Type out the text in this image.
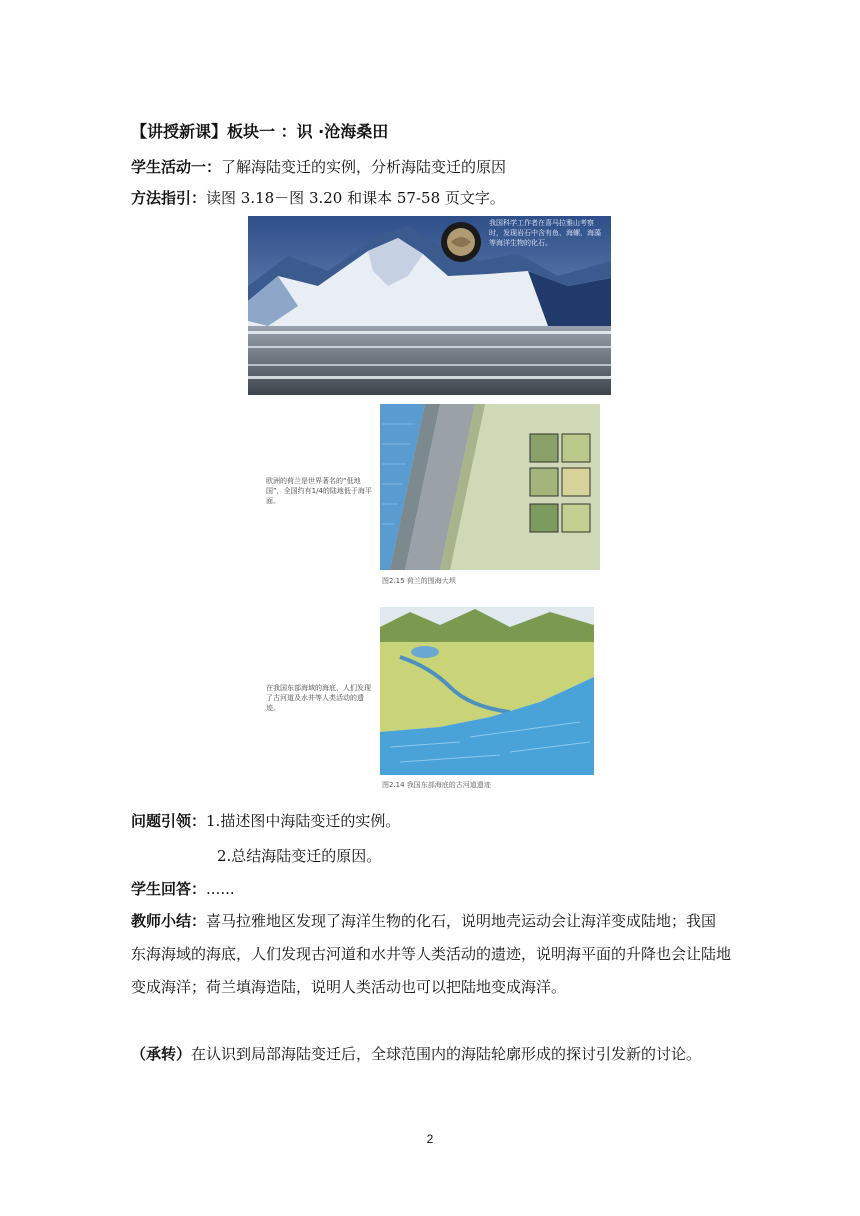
【讲授新课】板块一 ：识 ·沧海桑田
学生活动一：了解海陆变迁的实例，分析海陆变迁的原因
方法指引：读图 3.18－图 3.20 和课本 57-58 页文字。
我国科学工作者在喜马拉雅山考察时，发现岩石中含有鱼、海螺、海藻等海洋生物的化石。
欧洲的荷兰是世界著名的“低地国”，全国约有1/4的陆地低于海平面。
图2.15 荷兰的围海大坝
在我国东部海域的海底，人们发现了古河道及水井等人类活动的遗迹。
图2.14 我国东部海底的古河道遗迹
问题引领：1.描述图中海陆变迁的实例。
2.总结海陆变迁的原因。
学生回答：......
教师小结：喜马拉雅地区发现了海洋生物的化石，说明地壳运动会让海洋变成陆地；我国东海海域的海底，人们发现古河道和水井等人类活动的遗迹，说明海平面的升降也会让陆地变成海洋；荷兰填海造陆，说明人类活动也可以把陆地变成海洋。
（承转）在认识到局部海陆变迁后，全球范围内的海陆轮廓形成的探讨引发新的讨论。
2
